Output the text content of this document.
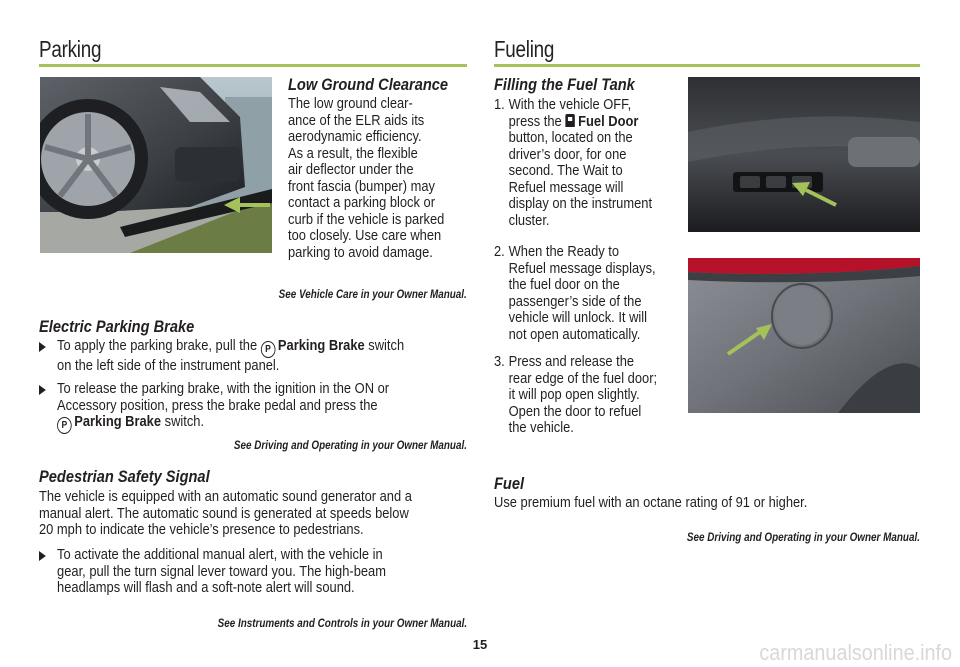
Parking
Low Ground Clearance
The low ground clear-
ance of the ELR aids its
aerodynamic efficiency.
As a result, the flexible
air deflector under the
front fascia (bumper) may
contact a parking block or
curb if the vehicle is parked
too closely. Use care when
parking to avoid damage.
See Vehicle Care in your Owner Manual.
Electric Parking Brake
To apply the parking brake, pull the P Parking Brake switch
on the left side of the instrument panel.
To release the parking brake, with the ignition in the ON or
Accessory position, press the brake pedal and press the
P Parking Brake switch.
See Driving and Operating in your Owner Manual.
Pedestrian Safety Signal
The vehicle is equipped with an automatic sound generator and a
manual alert. The automatic sound is generated at speeds below
20 mph to indicate the vehicle’s presence to pedestrians.
To activate the additional manual alert, with the vehicle in
gear, pull the turn signal lever toward you. The high-beam
headlamps will flash and a soft-note alert will sound.
See Instruments and Controls in your Owner Manual.
Fueling
Filling the Fuel Tank
1. With the vehicle OFF,
press the Fuel Door
button, located on the
driver’s door, for one
second. The Wait to
Refuel message will
display on the instrument
cluster.
2. When the Ready to
Refuel message displays,
the fuel door on the
passenger’s side of the
vehicle will unlock. It will
not open automatically.
3. Press and release the
rear edge of the fuel door;
it will pop open slightly.
Open the door to refuel
the vehicle.
Fuel
Use premium fuel with an octane rating of 91 or higher.
See Driving and Operating in your Owner Manual.
15	carmanualsonline.info
